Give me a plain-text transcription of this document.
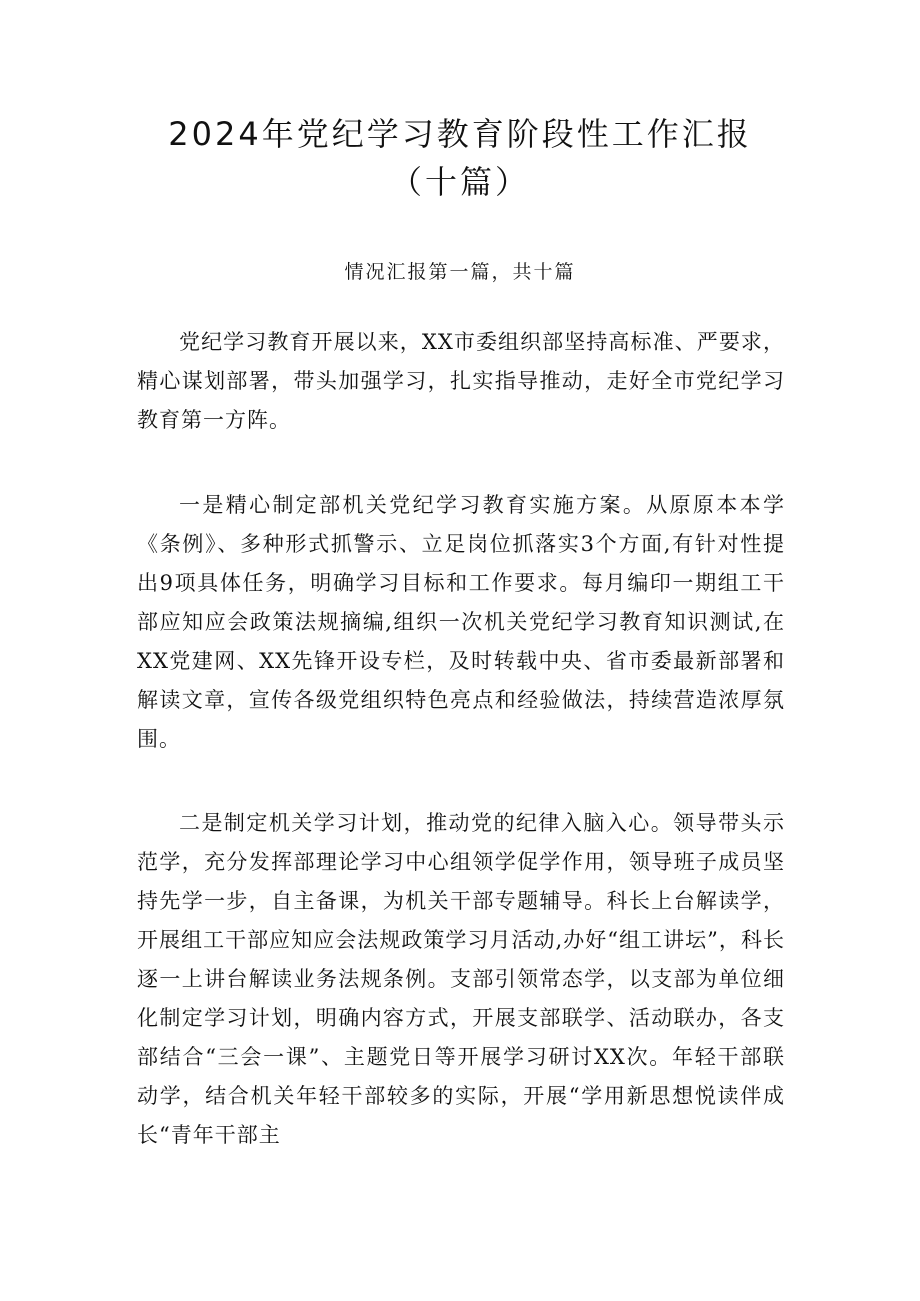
2024年党纪学习教育阶段性工作汇报（十篇）

情况汇报第一篇，共十篇

党纪学习教育开展以来，XX市委组织部坚持高标准、严要求，精心谋划部署，带头加强学习，扎实指导推动，走好全市党纪学习教育第一方阵。

一是精心制定部机关党纪学习教育实施方案。从原原本本学《条例》、多种形式抓警示、立足岗位抓落实3个方面,有针对性提出9项具体任务，明确学习目标和工作要求。每月编印一期组工干部应知应会政策法规摘编,组织一次机关党纪学习教育知识测试,在XX党建网、XX先锋开设专栏，及时转载中央、省市委最新部署和解读文章，宣传各级党组织特色亮点和经验做法，持续营造浓厚氛围。

二是制定机关学习计划，推动党的纪律入脑入心。领导带头示范学，充分发挥部理论学习中心组领学促学作用，领导班子成员坚持先学一步，自主备课，为机关干部专题辅导。科长上台解读学，开展组工干部应知应会法规政策学习月活动,办好“组工讲坛”，科长逐一上讲台解读业务法规条例。支部引领常态学，以支部为单位细化制定学习计划，明确内容方式，开展支部联学、活动联办，各支部结合“三会一课”、主题党日等开展学习研讨XX次。年轻干部联动学，结合机关年轻干部较多的实际，开展“学用新思想悦读伴成长“青年干部主
